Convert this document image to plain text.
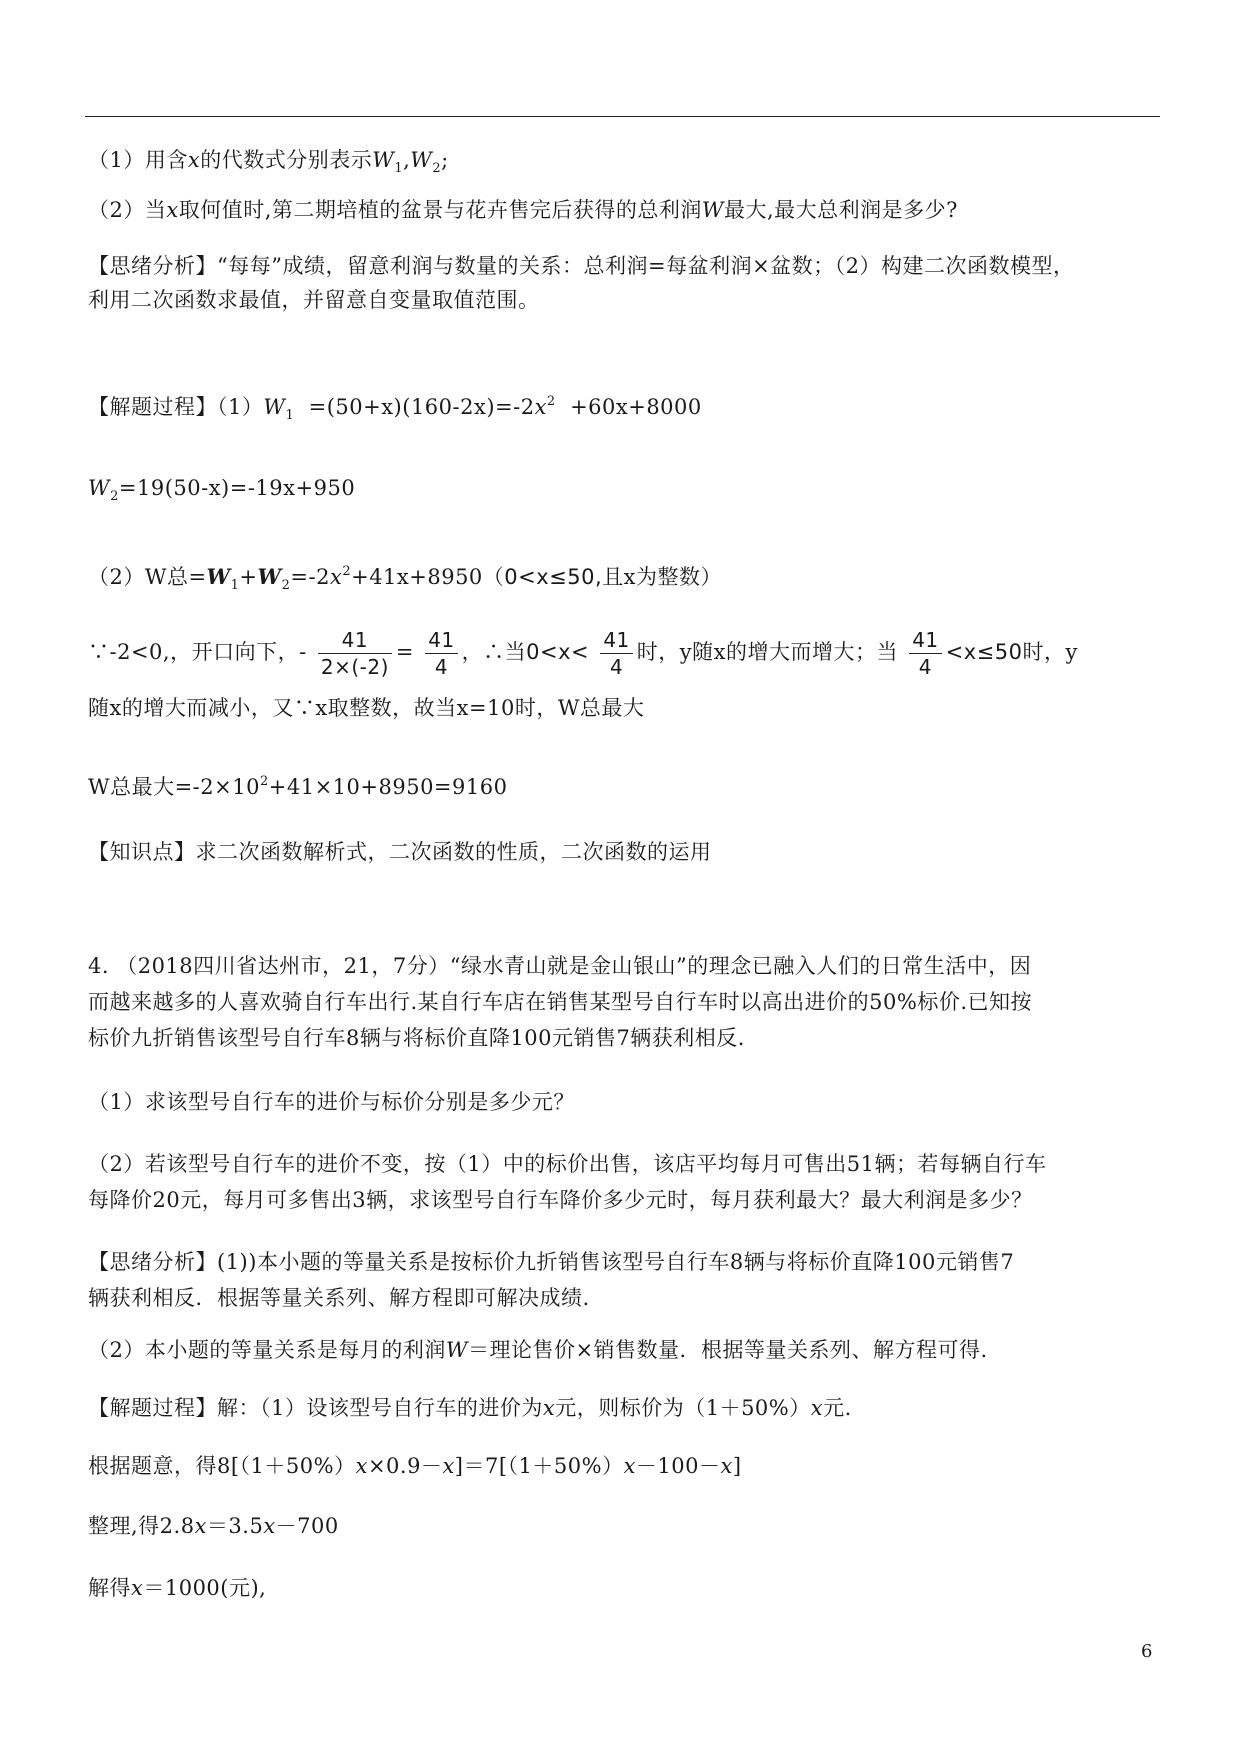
（1）用含x的代数式分别表示$W_1,W_2$;
（2）当x取何值时,第二期培植的盆景与花卉售完后获得的总利润W最大,最大总利润是多少?
【思绪分析】“每每”成绩，留意利润与数量的关系：总利润=每盆利润×盆数；（2）构建二次函数模型，
利用二次函数求最值，并留意自变量取值范围。
【解题过程】$(1)W_1 =(50+x)(160-2x)=-2x^2 +60x+8000$
$W_2=19(50-x)=-19x+950$
（2）W总$=W_1+W_2=-2x^2+41x+8950(0<x\le 50$,且x为整数）
∵-2<0,，开口向下，- $\frac{41}{2\times(-2)} = \frac{41}{4}$ ，∴当$0<x< \frac{41}{4}$ 时，y随x的增大而增大；当 $\frac{41}{4} <x\le 50$时，y
随x的增大而减小，又∵x取整数，故当x=10时，W总最大
W总最大$=-2\times 10^2+41\times 10+8950=9160$
【知识点】求二次函数解析式，二次函数的性质，二次函数的运用
4. （2018四川省达州市，21，7分）“绿水青山就是金山银山”的理念已融入人们的日常生活中，因
而越来越多的人喜欢骑自行车出行.某自行车店在销售某型号自行车时以高出进价的50%标价.已知按
标价九折销售该型号自行车8辆与将标价直降100元销售7辆获利相反.
（1）求该型号自行车的进价与标价分别是多少元？
（2）若该型号自行车的进价不变，按（1）中的标价出售，该店平均每月可售出51辆；若每辆自行车
每降价20元，每月可多售出3辆，求该型号自行车降价多少元时，每月获利最大？最大利润是多少？
【思绪分析】(1))本小题的等量关系是按标价九折销售该型号自行车8辆与将标价直降100元销售7
辆获利相反．根据等量关系列、解方程即可解决成绩.
（2）本小题的等量关系是每月的利润W＝理论售价×销售数量．根据等量关系列、解方程可得.
【解题过程】解：（1）设该型号自行车的进价为x元，则标价为（1＋50%）x元.
根据题意，得8[（1＋50%）x×0.9－x]＝7[（1＋50%）x－100－x]
整理,得2.8x＝3.5x－700
解得x＝1000(元),
6
